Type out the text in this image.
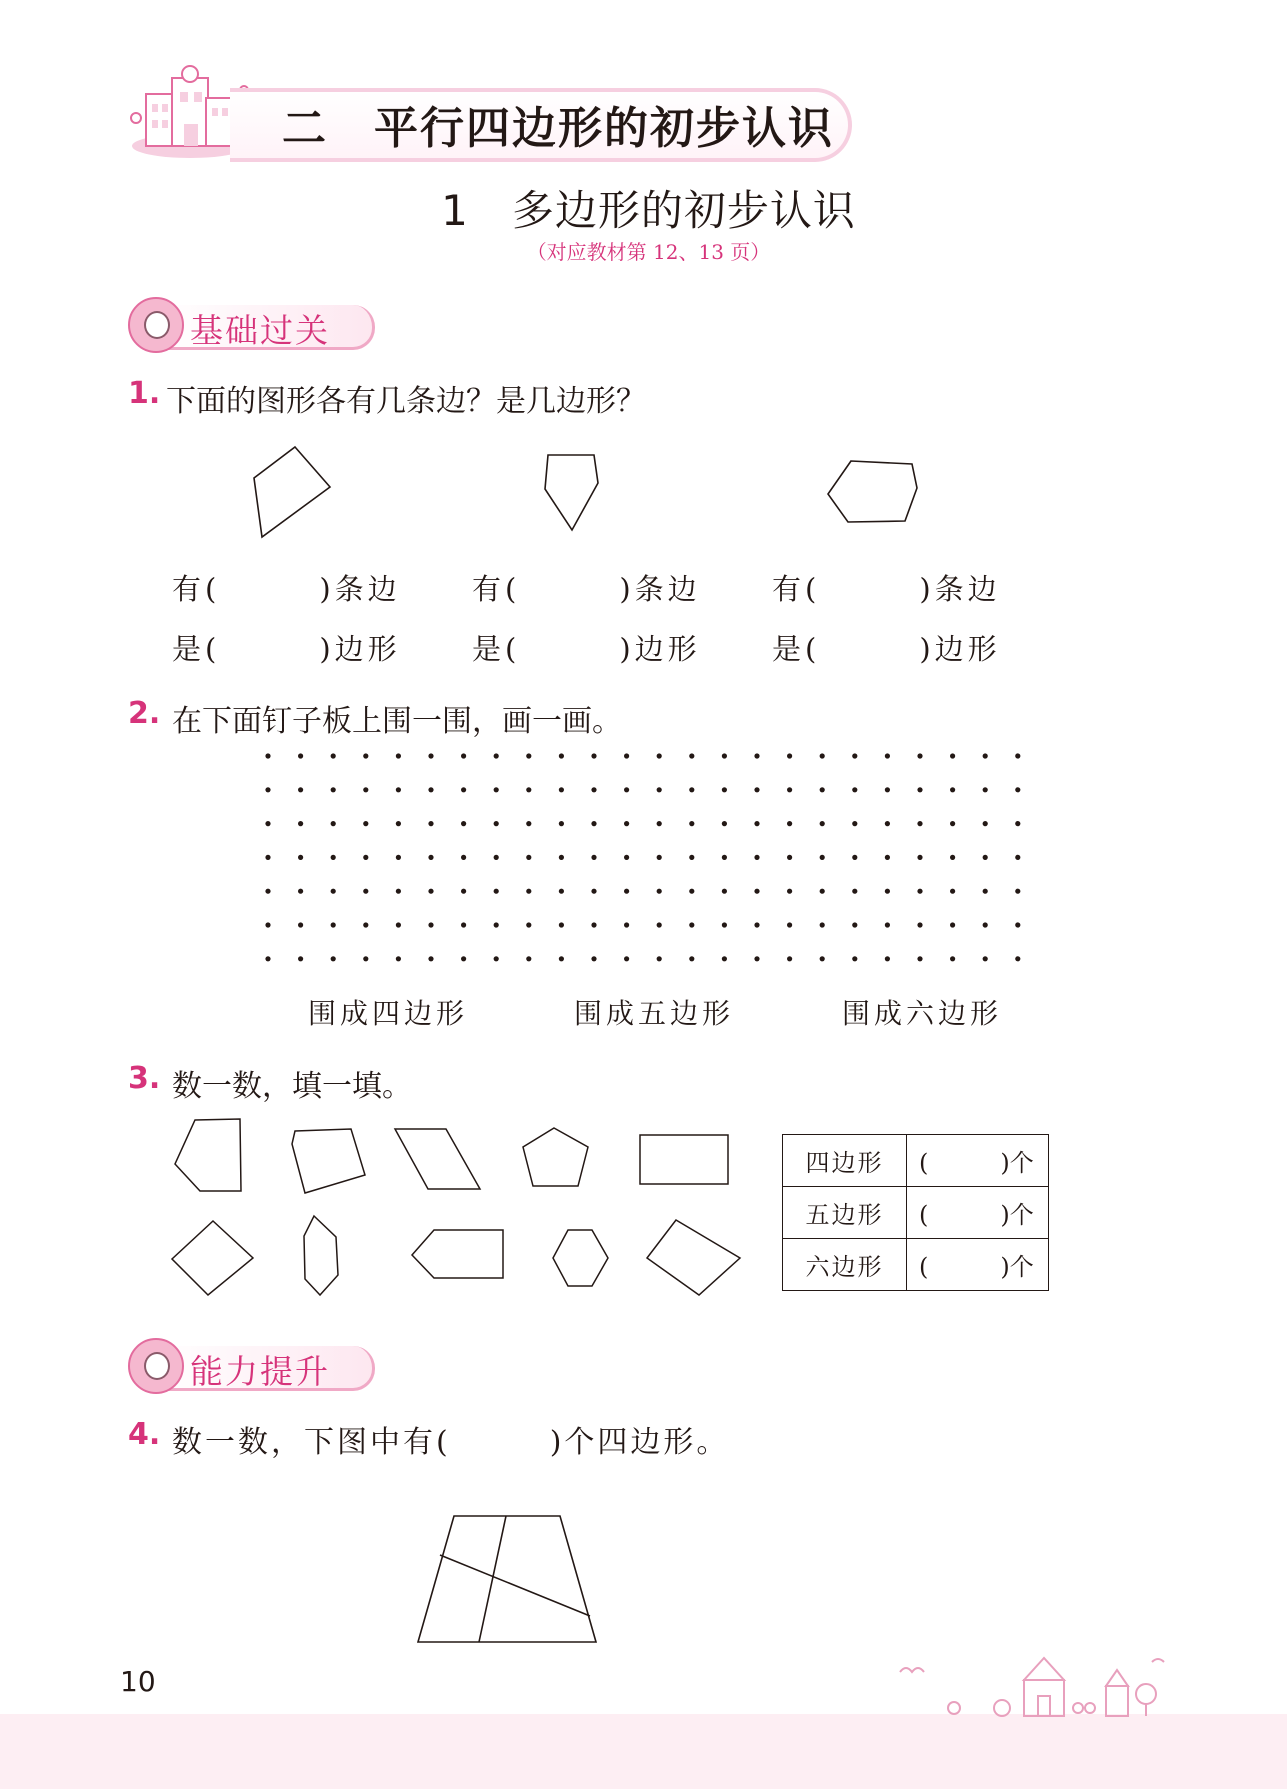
二　平行四边形的初步认识
1　多边形的初步认识
（对应教材第 12、13 页）
基础过关
1. 下面的图形各有几条边？是几边形？
有(　　　)条边
是(　　　)边形
有(　　　)条边
是(　　　)边形
有(　　　)条边
是(　　　)边形
2. 在下面钉子板上围一围，画一画。
围成四边形	围成五边形	围成六边形
3. 数一数，填一填。
四边形	(　　　)个
五边形	(　　　)个
六边形	(　　　)个
能力提升
4. 数一数，下图中有(　　　)个四边形。
10
